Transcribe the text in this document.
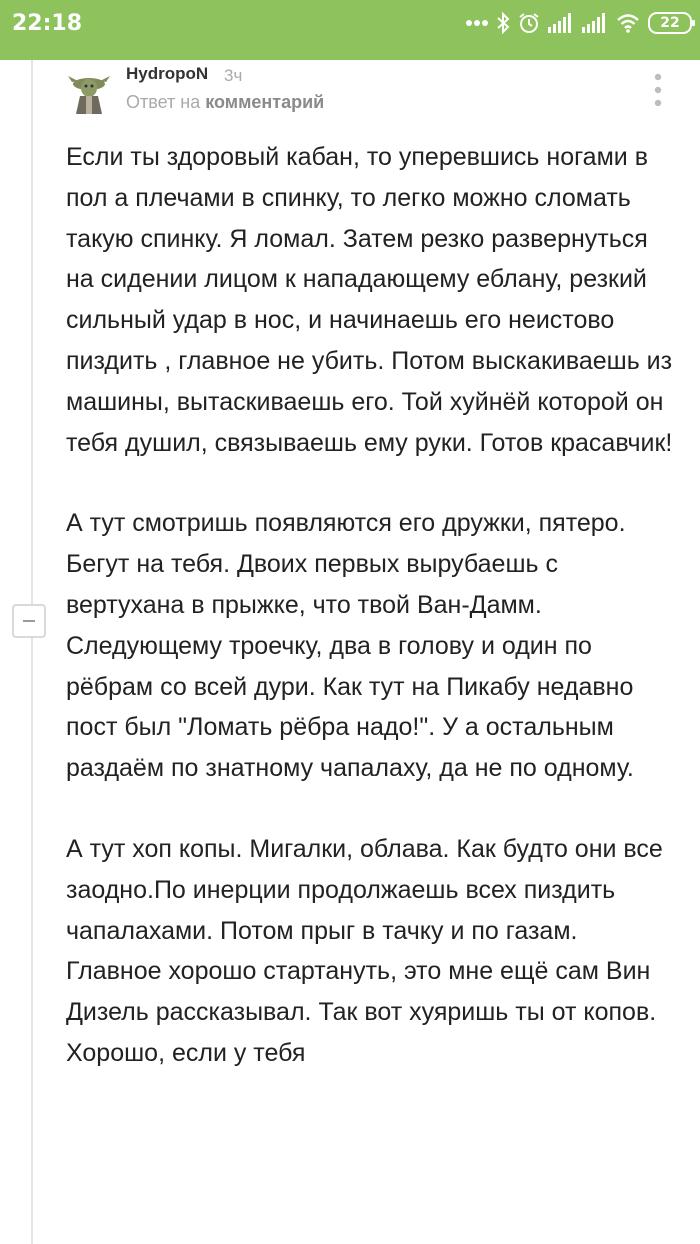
22:18	22
HydropoN 3ч
Ответ на комментарий

Если ты здоровый кабан, то уперевшись ногами в пол а плечами в спинку, то легко можно сломать такую спинку. Я ломал. Затем резко развернуться на сидении лицом к нападающему еблану, резкий сильный удар в нос, и начинаешь его неистово пиздить , главное не убить. Потом выскакиваешь из машины, вытаскиваешь его. Той хуйнёй которой он тебя душил, связываешь ему руки. Готов красавчик!

А тут смотришь появляются его дружки, пятеро. Бегут на тебя. Двоих первых вырубаешь с вертухана в прыжке, что твой Ван-Дамм. Следующему троечку, два в голову и один по рёбрам со всей дури. Как тут на Пикабу недавно пост был "Ломать рёбра надо!". У а остальным раздаём по знатному чапалаху, да не по одному.

А тут хоп копы. Мигалки, облава. Как будто они все заодно.По инерции продолжаешь всех пиздить чапалахами. Потом прыг в тачку и по газам. Главное хорошо стартануть, это мне ещё сам Вин Дизель рассказывал. Так вот хуяришь ты от копов. Хорошо, если у тебя
